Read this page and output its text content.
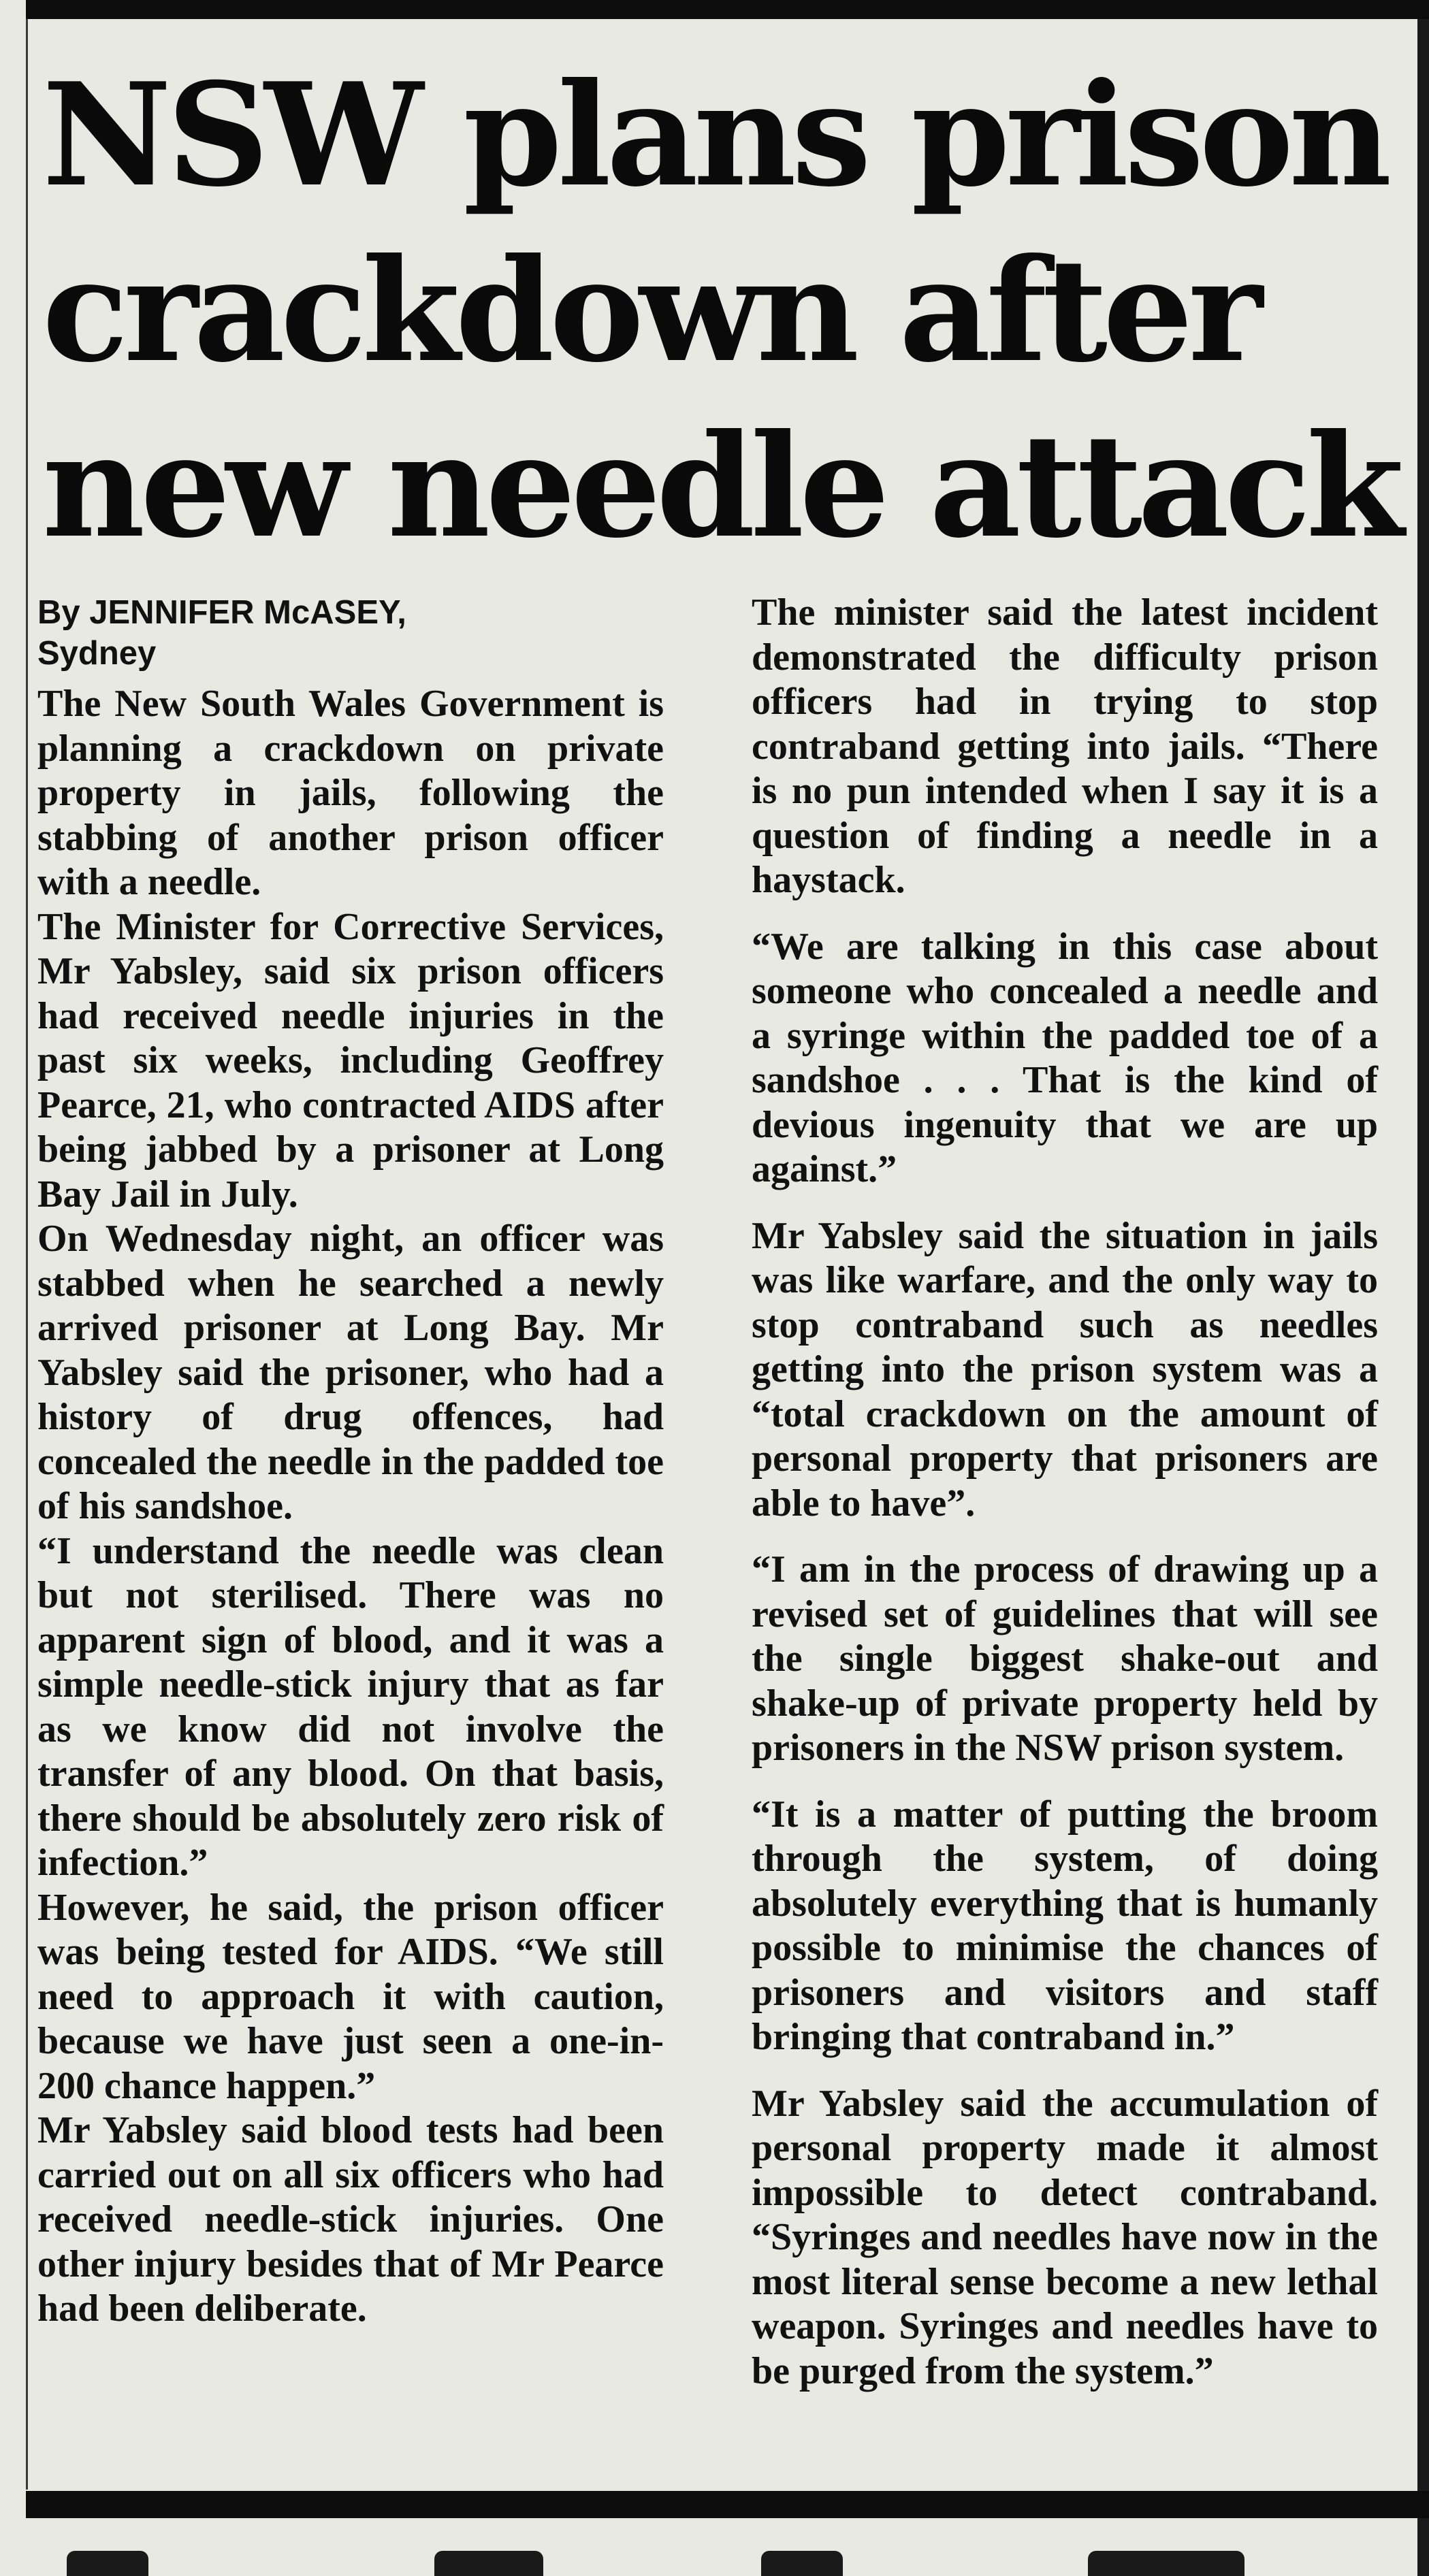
NSW plans prison crackdown after new needle attack
By JENNIFER McASEY,
Sydney

The New South Wales Government is planning a crackdown on private property in jails, following the stabbing of another prison officer with a needle.

The Minister for Corrective Services, Mr Yabsley, said six prison officers had received needle injuries in the past six weeks, including Geoffrey Pearce, 21, who contracted AIDS after being jabbed by a prisoner at Long Bay Jail in July.

On Wednesday night, an officer was stabbed when he searched a newly arrived prisoner at Long Bay. Mr Yabsley said the prisoner, who had a history of drug offences, had concealed the needle in the padded toe of his sandshoe.

“I understand the needle was clean but not sterilised. There was no apparent sign of blood, and it was a simple needle-stick injury that as far as we know did not involve the transfer of any blood. On that basis, there should be absolutely zero risk of infection.”

However, he said, the prison officer was being tested for AIDS. “We still need to approach it with caution, because we have just seen a one-in-200 chance happen.”

Mr Yabsley said blood tests had been carried out on all six officers who had received needle-stick injuries. One other injury besides that of Mr Pearce had been deliberate.

The minister said the latest incident demonstrated the difficulty prison officers had in trying to stop contraband getting into jails. “There is no pun intended when I say it is a question of finding a needle in a haystack.

“We are talking in this case about someone who concealed a needle and a syringe within the padded toe of a sandshoe . . . That is the kind of devious ingenuity that we are up against.”

Mr Yabsley said the situation in jails was like warfare, and the only way to stop contraband such as needles getting into the prison system was a “total crackdown on the amount of personal property that prisoners are able to have”.

“I am in the process of drawing up a revised set of guidelines that will see the single biggest shake-out and shake-up of private property held by prisoners in the NSW prison system.

“It is a matter of putting the broom through the system, of doing absolutely everything that is humanly possible to minimise the chances of prisoners and visitors and staff bringing that contraband in.”

Mr Yabsley said the accumulation of personal property made it almost impossible to detect contraband. “Syringes and needles have now in the most literal sense become a new lethal weapon. Syringes and needles have to be purged from the system.”
